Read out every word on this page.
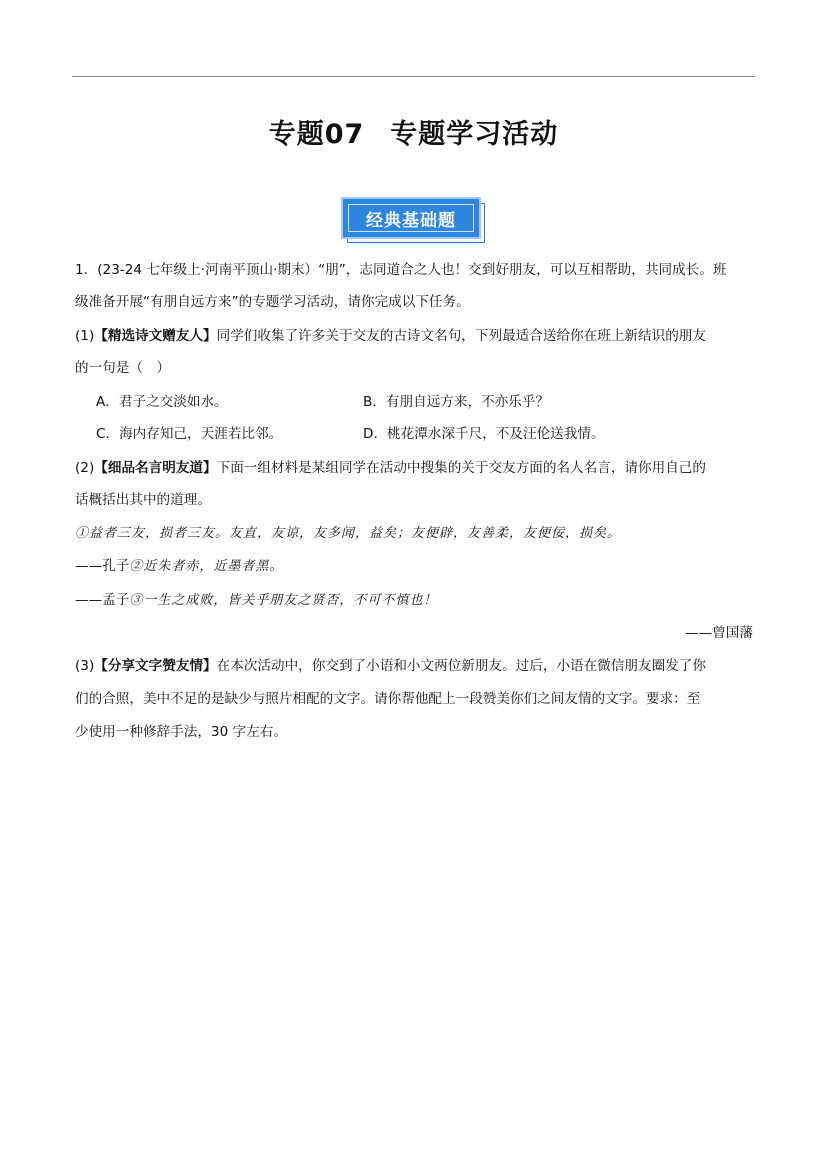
专题07 专题学习活动
经典基础题
1．(23-24 七年级上·河南平顶山·期末）“朋”，志同道合之人也！交到好朋友，可以互相帮助，共同成长。班
级准备开展“有朋自远方来”的专题学习活动，请你完成以下任务。
(1)【精选诗文赠友人】同学们收集了许多关于交友的古诗文名句，下列最适合送给你在班上新结识的朋友
的一句是（　）
A．君子之交淡如水。	B．有朋自远方来，不亦乐乎？
C．海内存知己，天涯若比邻。	D．桃花潭水深千尺，不及汪伦送我情。
(2)【细品名言明友道】下面一组材料是某组同学在活动中搜集的关于交友方面的名人名言，请你用自己的
话概括出其中的道理。
①益者三友，损者三友。友直，友谅，友多闻，益矣；友便辟，友善柔，友便佞，损矣。
——孔子②近朱者赤，近墨者黑。
——孟子③一生之成败，皆关乎朋友之贤否，不可不慎也！
——曾国藩
(3)【分享文字赞友情】在本次活动中，你交到了小语和小文两位新朋友。过后，小语在微信朋友圈发了你
们的合照，美中不足的是缺少与照片相配的文字。请你帮他配上一段赞美你们之间友情的文字。要求：至
少使用一种修辞手法，30 字左右。
